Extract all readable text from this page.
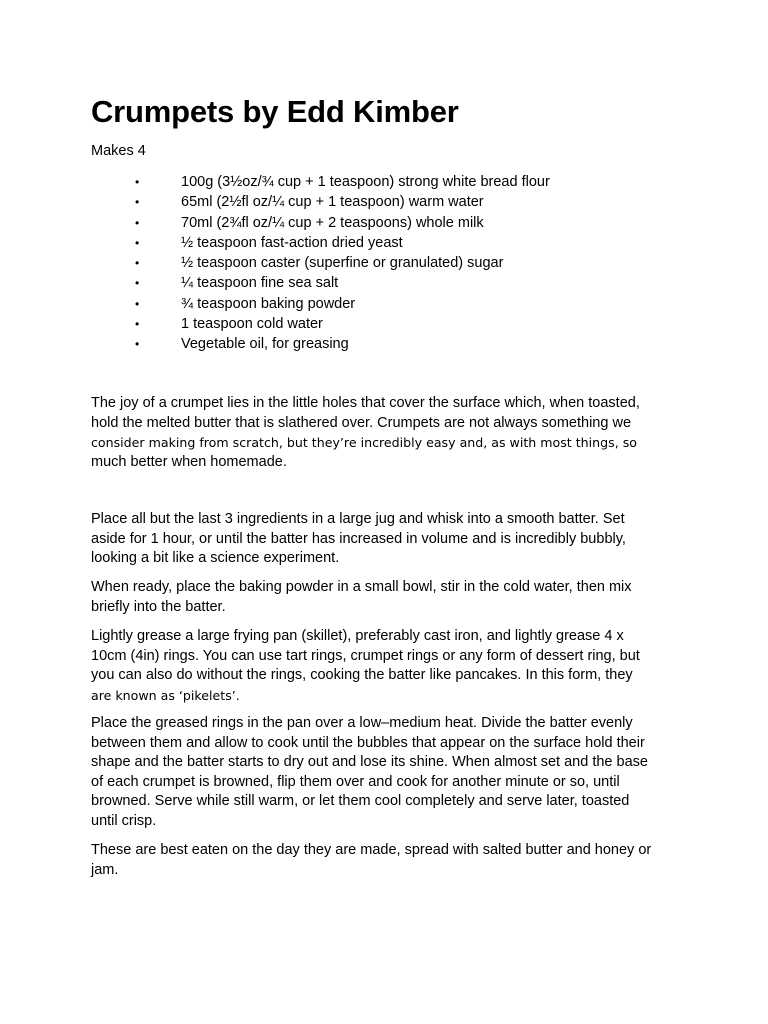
Crumpets by Edd Kimber
Makes 4
•	100g (3½oz/¾ cup + 1 teaspoon) strong white bread flour
•	65ml (2½fl oz/¼ cup + 1 teaspoon) warm water
•	70ml (2¾fl oz/¼ cup + 2 teaspoons) whole milk
•	½ teaspoon fast-action dried yeast
•	½ teaspoon caster (superfine or granulated) sugar
•	¼ teaspoon fine sea salt
•	¾ teaspoon baking powder
•	1 teaspoon cold water
•	Vegetable oil, for greasing

The joy of a crumpet lies in the little holes that cover the surface which, when toasted,
hold the melted butter that is slathered over. Crumpets are not always something we
consider making from scratch, but they’re incredibly easy and, as with most things, so
much better when homemade.

Place all but the last 3 ingredients in a large jug and whisk into a smooth batter. Set
aside for 1 hour, or until the batter has increased in volume and is incredibly bubbly,
looking a bit like a science experiment.

When ready, place the baking powder in a small bowl, stir in the cold water, then mix
briefly into the batter.

Lightly grease a large frying pan (skillet), preferably cast iron, and lightly grease 4 x
10cm (4in) rings. You can use tart rings, crumpet rings or any form of dessert ring, but
you can also do without the rings, cooking the batter like pancakes. In this form, they
are known as ‘pikelets’.

Place the greased rings in the pan over a low–medium heat. Divide the batter evenly
between them and allow to cook until the bubbles that appear on the surface hold their
shape and the batter starts to dry out and lose its shine. When almost set and the base
of each crumpet is browned, flip them over and cook for another minute or so, until
browned. Serve while still warm, or let them cool completely and serve later, toasted
until crisp.

These are best eaten on the day they are made, spread with salted butter and honey or
jam.
